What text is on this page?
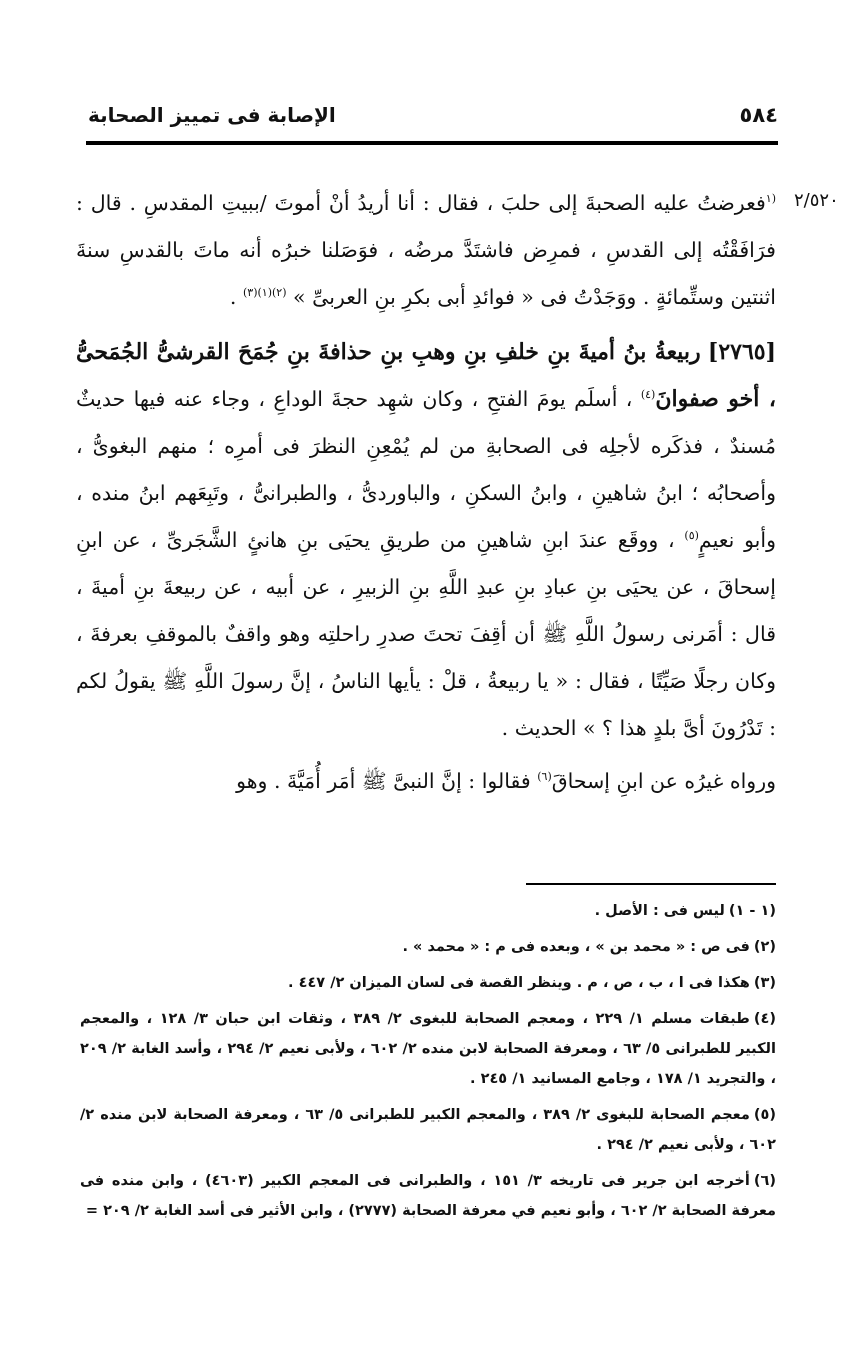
٥٨٤
الإصابة فى تمييز الصحابة
٢/٥٢٠

$^{(١}$فعرضتُ عليه الصحبةَ إلى حلبَ ، فقال : أنا أريدُ أنْ أموتَ /ببيتِ المقدسِ . قال : فرَافَقْتُه إلى القدسِ ، فمرِض فاشتَدَّ مرضُه ، فوَصَلنا خبرُه أنه ماتَ بالقدسِ سنةَ اثنتين وستِّمائةٍ . ووَجَدْتُ فى « فوائدِ أبى بكرِ بنِ العربىِّ » $^{(٢)(١)(٣)}$ .

[٢٧٦٥] ربيعةُ بنُ أميةَ بنِ خلفِ بنِ وهبِ بنِ حذافةَ بنِ جُمَحَ القرشىُّ الجُمَحىُّ ، أخو صفوانَ$^{(٤)}$ ، أسلَم يومَ الفتحِ ، وكان شهِد حجةَ الوداعِ ، وجاء عنه فيها حديثٌ مُسندٌ ، فذكَره لأجلِه فى الصحابةِ من لم يُمْعِنِ النظرَ فى أمرِه ؛ منهم البغوىُّ ، وأصحابُه ؛ ابنُ شاهينِ ، وابنُ السكنِ ، والباوردىُّ ، والطبرانىُّ ، وتَبِعَهم ابنُ منده ، وأبو نعيمٍ$^{(٥)}$ ، ووقَع عندَ ابنِ شاهينِ من طريقِ يحيَى بنِ هانئٍ الشَّجَرىِّ ، عن ابنِ إسحاقَ ، عن يحيَى بنِ عبادِ بنِ عبدِ اللَّهِ بنِ الزبيرِ ، عن أبيه ، عن ربيعةَ بنِ أميةَ ، قال : أمَرنى رسولُ اللَّهِ ﷺ أن أقِفَ تحتَ صدرِ راحلتِه وهو واقفٌ بالموقفِ بعرفةَ ، وكان رجلًا صَيِّتًا ، فقال : « يا ربيعةُ ، قلْ : يأيها الناسُ ، إنَّ رسولَ اللَّهِ ﷺ يقولُ لكم : تَدْرُونَ أىَّ بلدٍ هذا ؟ » الحديث .

ورواه غيرُه عن ابنِ إسحاقَ$^{(٦)}$ فقالوا : إنَّ النبىَّ ﷺ أمَر أُمَيَّةَ . وهو

(١ - ١)ليس فى : الأصل .

(٢)فى ص : « محمد بن » ، وبعده فى م : « محمد » .

(٣)هكذا فى ا ، ب ، ص ، م . وينظر القصة فى لسان الميزان ٢/ ٤٤٧ .

(٤)طبقات مسلم ١/ ٢٢٩ ، ومعجم الصحابة للبغوى ٢/ ٣٨٩ ، وثقات ابن حبان ٣/ ١٢٨ ، والمعجم الكبير للطبرانى ٥/ ٦٣ ، ومعرفة الصحابة لابن منده ٢/ ٦٠٢ ، ولأبى نعيم ٢/ ٢٩٤ ، وأسد الغابة ٢/ ٢٠٩ ، والتجريد ١/ ١٧٨ ، وجامع المسانيد ١/ ٢٤٥ .

(٥)معجم الصحابة للبغوى ٢/ ٣٨٩ ، والمعجم الكبير للطبرانى ٥/ ٦٣ ، ومعرفة الصحابة لابن منده ٢/ ٦٠٢ ، ولأبى نعيم ٢/ ٢٩٤ .

(٦)أخرجه ابن جرير فى تاريخه ٣/ ١٥١ ، والطبرانى فى المعجم الكبير (٤٦٠٣) ، وابن منده فى معرفة الصحابة ٢/ ٦٠٢ ، وأبو نعيم في معرفة الصحابة (٢٧٧٧) ، وابن الأثير فى أسد الغابة ٢/ ٢٠٩ =
